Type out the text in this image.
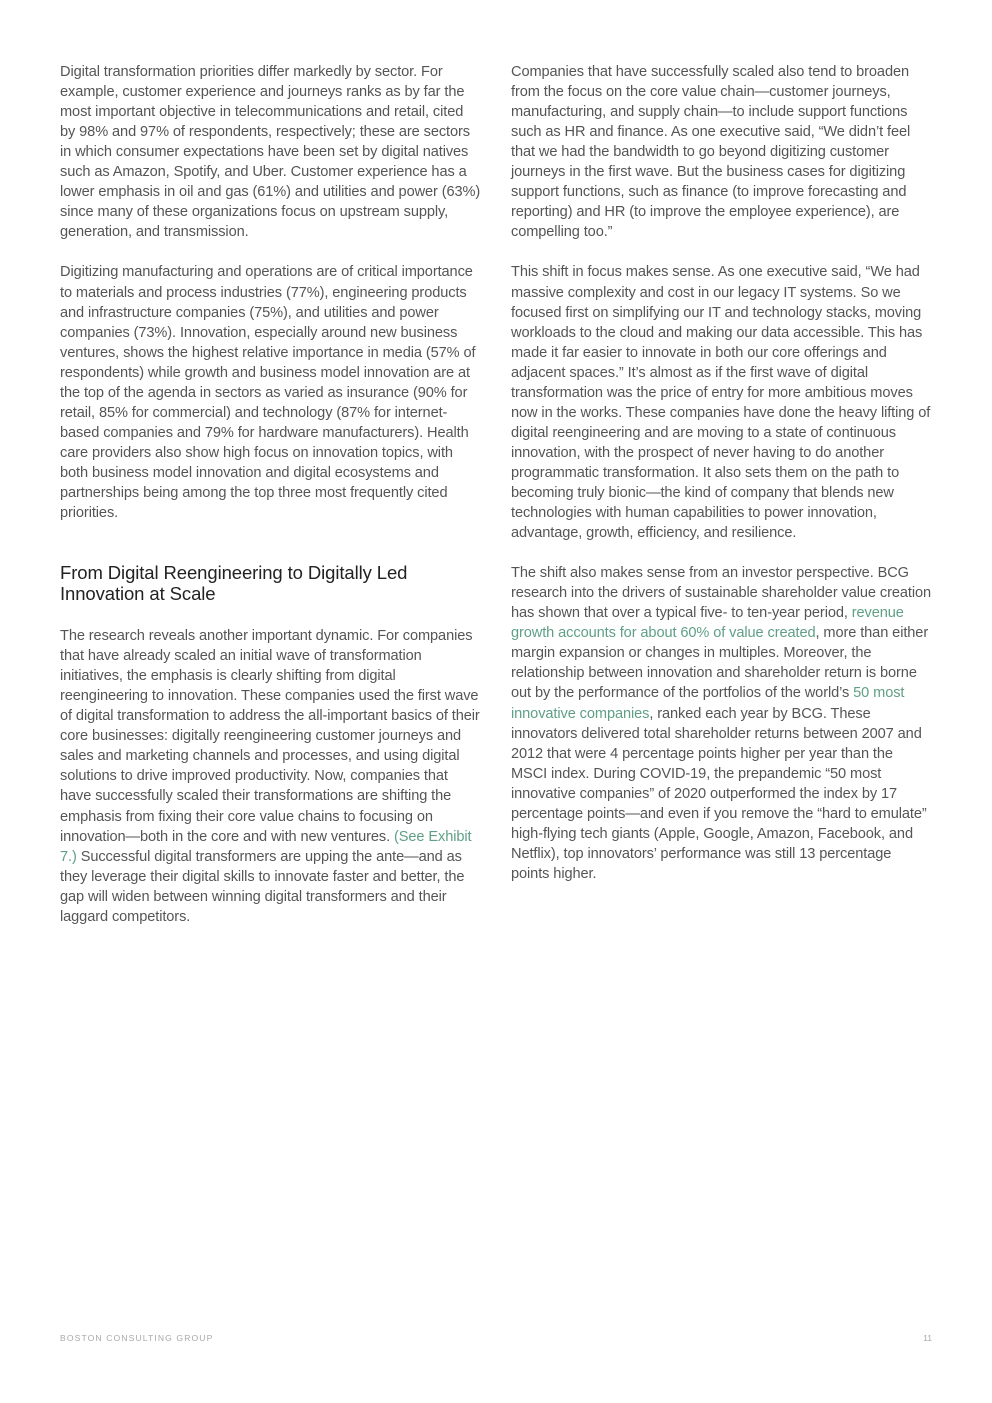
Digital transformation priorities differ markedly by sector. For example, customer experience and journeys ranks as by far the most important objective in telecommunications and retail, cited by 98% and 97% of respondents, respectively; these are sectors in which consumer expectations have been set by digital natives such as Amazon, Spotify, and Uber. Customer experience has a lower emphasis in oil and gas (61%) and utilities and power (63%) since many of these organizations focus on upstream supply, generation, and transmission.

Digitizing manufacturing and operations are of critical importance to materials and process industries (77%), engineering products and infrastructure companies (75%), and utilities and power companies (73%). Innovation, especially around new business ventures, shows the highest relative importance in media (57% of respondents) while growth and business model innovation are at the top of the agenda in sectors as varied as insurance (90% for retail, 85% for commercial) and technology (87% for internet-based companies and 79% for hardware manufacturers). Health care providers also show high focus on innovation topics, with both business model innovation and digital ecosystems and partnerships being among the top three most frequently cited priorities.

From Digital Reengineering to Digitally Led Innovation at Scale

The research reveals another important dynamic. For companies that have already scaled an initial wave of transformation initiatives, the emphasis is clearly shifting from digital reengineering to innovation. These companies used the first wave of digital transformation to address the all-important basics of their core businesses: digitally reengineering customer journeys and sales and marketing channels and processes, and using digital solutions to drive improved productivity. Now, companies that have successfully scaled their transformations are shifting the emphasis from fixing their core value chains to focusing on innovation—both in the core and with new ventures. (See Exhibit 7.) Successful digital transformers are upping the ante—and as they leverage their digital skills to innovate faster and better, the gap will widen between winning digital transformers and their laggard competitors.

Companies that have successfully scaled also tend to broaden from the focus on the core value chain—customer journeys, manufacturing, and supply chain—to include support functions such as HR and finance. As one executive said, “We didn’t feel that we had the bandwidth to go beyond digitizing customer journeys in the first wave. But the business cases for digitizing support functions, such as finance (to improve forecasting and reporting) and HR (to improve the employee experience), are compelling too.”

This shift in focus makes sense. As one executive said, “We had massive complexity and cost in our legacy IT systems. So we focused first on simplifying our IT and technology stacks, moving workloads to the cloud and making our data accessible. This has made it far easier to innovate in both our core offerings and adjacent spaces.” It’s almost as if the first wave of digital transformation was the price of entry for more ambitious moves now in the works. These companies have done the heavy lifting of digital reengineering and are moving to a state of continuous innovation, with the prospect of never having to do another programmatic transformation. It also sets them on the path to becoming truly bionic—the kind of company that blends new technologies with human capabilities to power innovation, advantage, growth, efficiency, and resilience.

The shift also makes sense from an investor perspective. BCG research into the drivers of sustainable shareholder value creation has shown that over a typical five- to ten-year period, revenue growth accounts for about 60% of value created, more than either margin expansion or changes in multiples. Moreover, the relationship between innovation and shareholder return is borne out by the performance of the portfolios of the world’s 50 most innovative companies, ranked each year by BCG. These innovators delivered total shareholder returns between 2007 and 2012 that were 4 percentage points higher per year than the MSCI index. During COVID-19, the prepandemic “50 most innovative companies” of 2020 outperformed the index by 17 percentage points—and even if you remove the “hard to emulate” high-flying tech giants (Apple, Google, Amazon, Facebook, and Netflix), top innovators’ performance was still 13 percentage points higher.

BOSTON CONSULTING GROUP	11
